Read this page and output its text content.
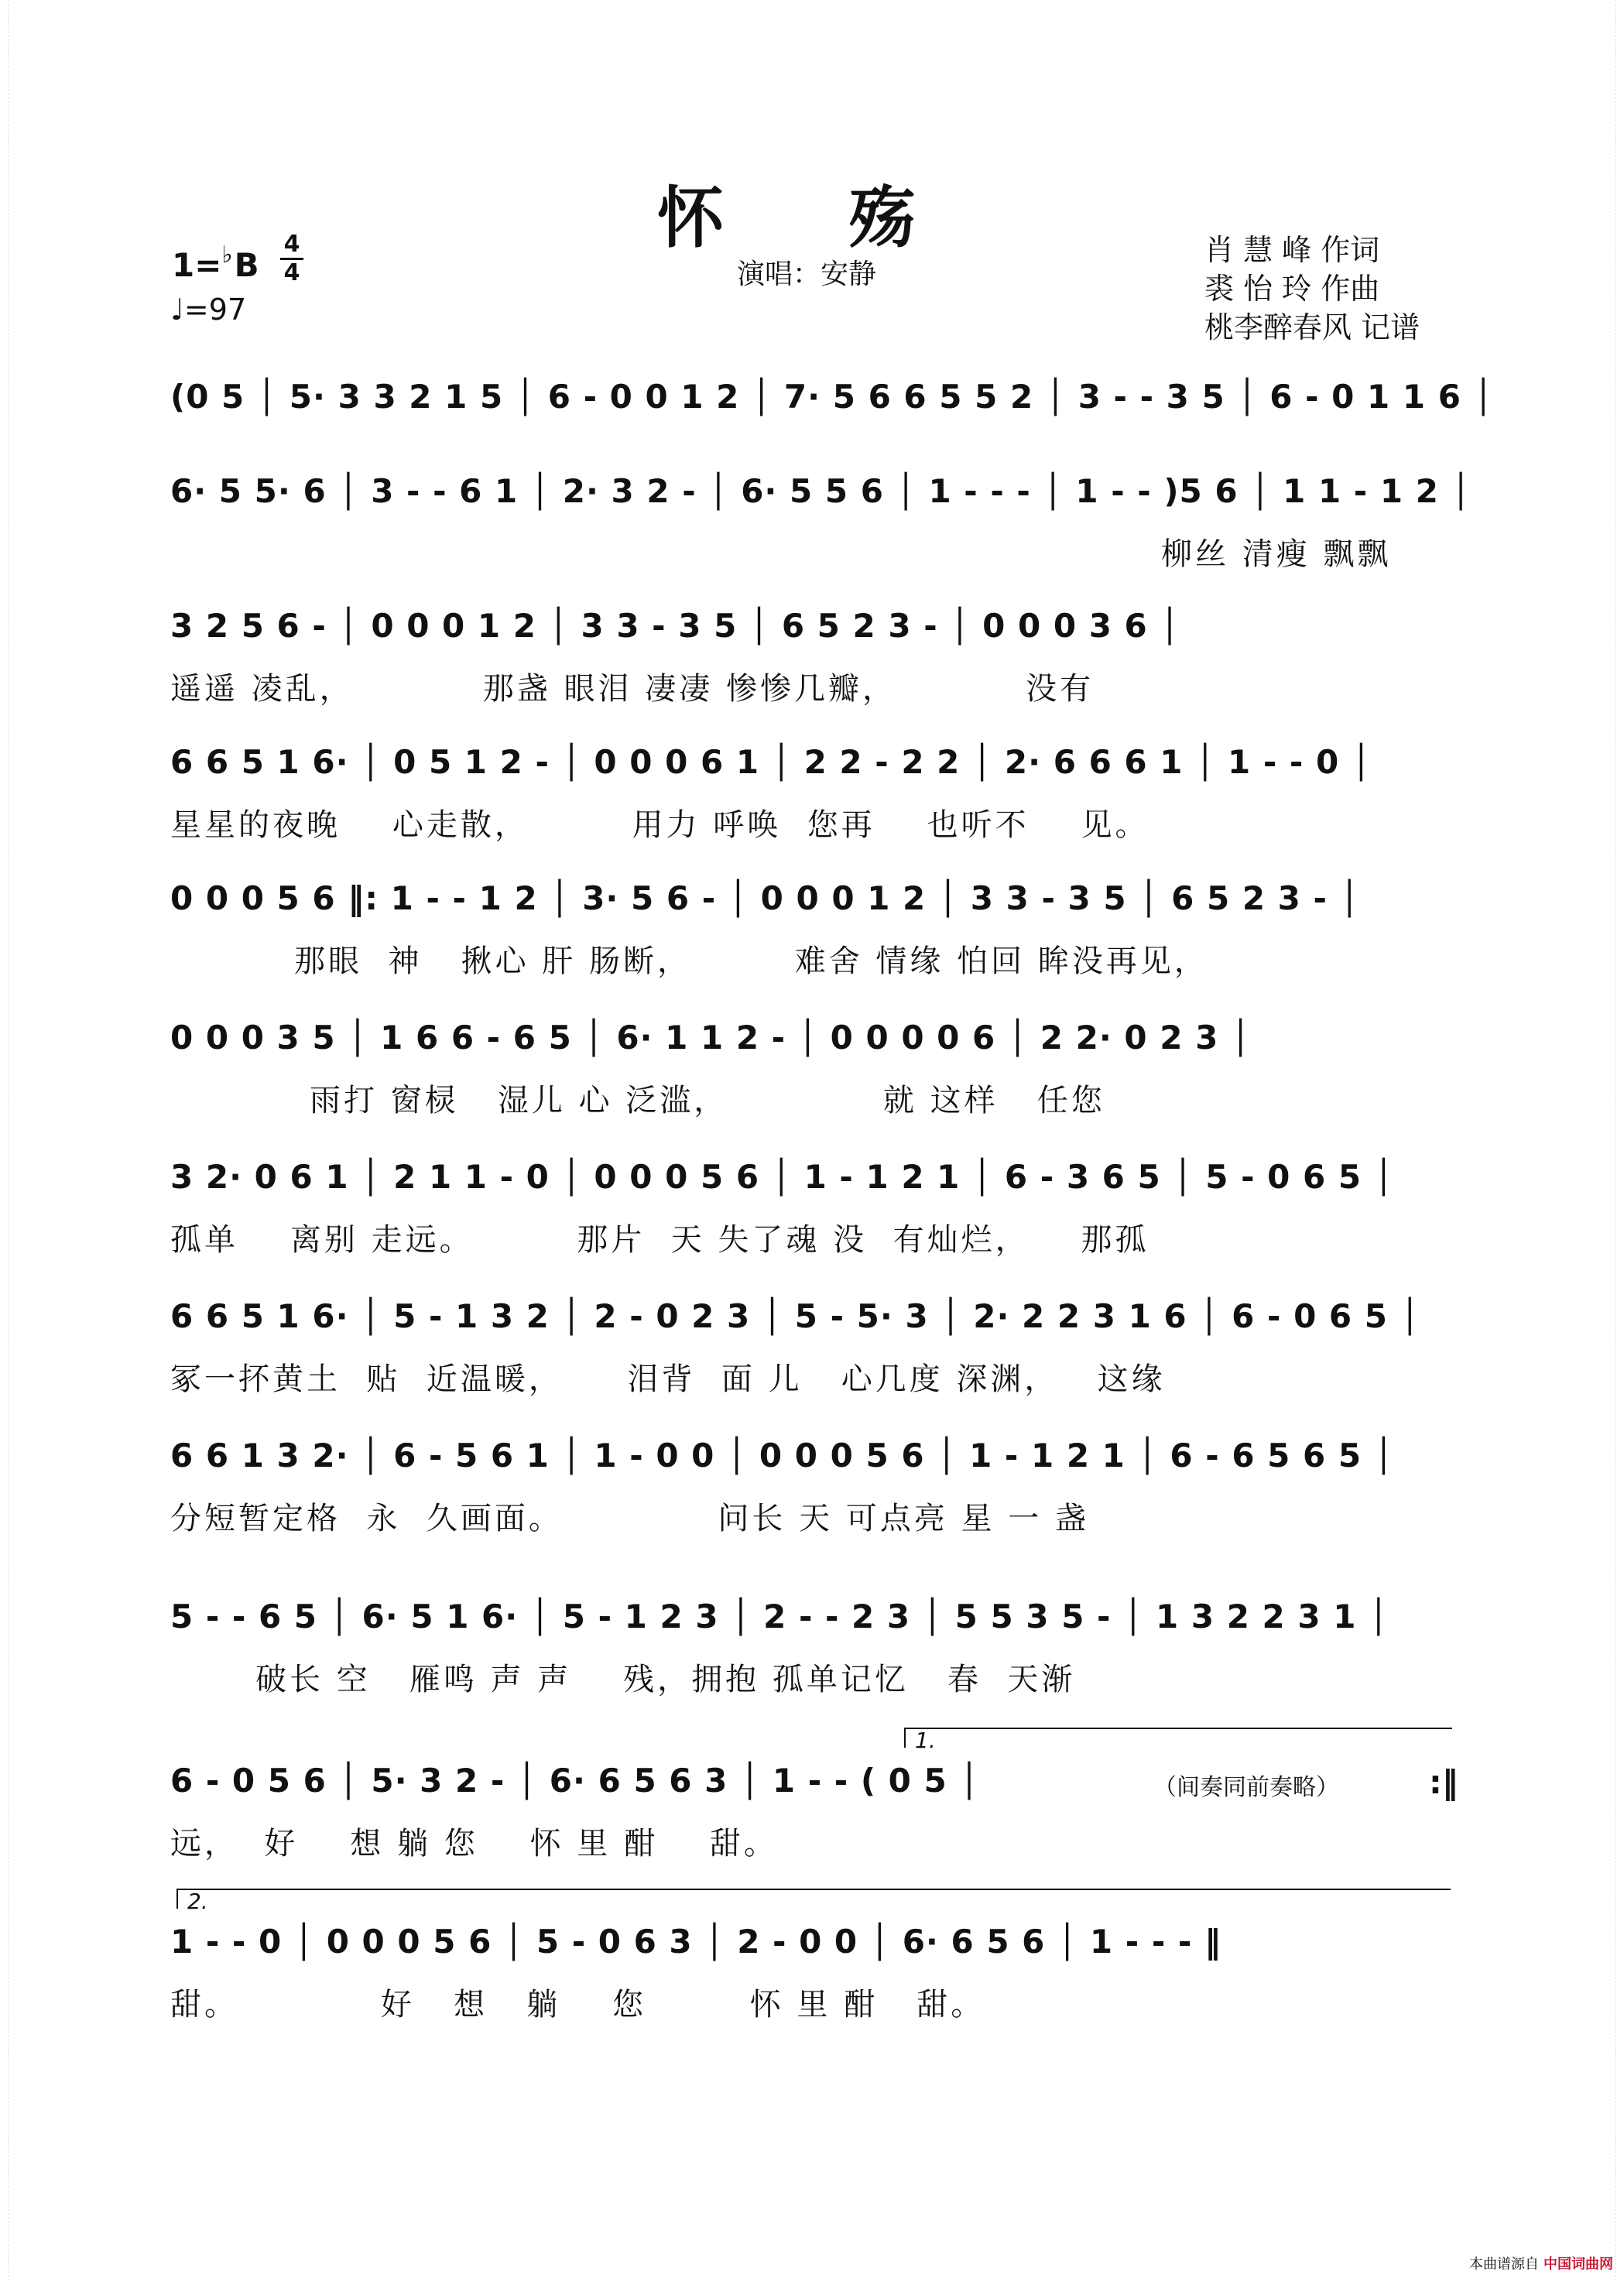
怀 殇
1=♭B
4
4
♩=97
演唱：安静
肖 慧 峰 作词
裘 怡 玲 作曲
桃李醉春风 记谱
(0 5 │ 5· 3 3 2 1 5 │ 6 - 0 0 1 2 │ 7· 5 6 6 5 5 2 │ 3 - - 3 5 │ 6 - 0 1 1 6 │
6· 5 5· 6 │ 3 - - 6 1 │ 2· 3 2 - │ 6· 5 5 6 │ 1 - - - │ 1 - - )5 6 │ 1 1 - 1 2 │
柳丝 清瘦 飘飘
3 2 5 6 - │ 0 0 0 1 2 │ 3 3 - 3 5 │ 6 5 2 3 - │ 0 0 0 3 6 │
遥遥 凌乱，          那盏 眼泪 凄凄 惨惨几瓣，          没有
6 6 5 1 6· │ 0 5 1 2 - │ 0 0 0 6 1 │ 2 2 - 2 2 │ 2· 6 6 6 1 │ 1 - - 0 │
星星的夜晚    心走散，        用力 呼唤  您再    也听不    见。
0 0 0 5 6 ‖: 1 - - 1 2 │ 3· 5 6 - │ 0 0 0 1 2 │ 3 3 - 3 5 │ 6 5 2 3 - │
那眼  神   揪心 肝 肠断，        难舍 情缘 怕回 眸没再见，
0 0 0 3 5 │ 1 6 6 - 6 5 │ 6· 1 1 2 - │ 0 0 0 0 6 │ 2 2· 0 2 3 │
雨打 窗棂   湿儿 心 泛滥，            就 这样   任您
3 2· 0 6 1 │ 2 1 1 - 0 │ 0 0 0 5 6 │ 1 - 1 2 1 │ 6 - 3 6 5 │ 5 - 0 6 5 │
孤单    离别 走远。        那片  天 失了魂 没  有灿烂，    那孤
6 6 5 1 6· │ 5 - 1 3 2 │ 2 - 0 2 3 │ 5 - 5· 3 │ 2· 2 2 3 1 6 │ 6 - 0 6 5 │
冢一抔黄土  贴  近温暖，     泪背  面 儿   心几度 深渊，   这缘
6 6 1 3 2· │ 6 - 5 6 1 │ 1 - 0 0 │ 0 0 0 5 6 │ 1 - 1 2 1 │ 6 - 6 5 6 5 │
分短暂定格  永  久画面。            问长 天 可点亮 星 一 盏
5 - - 6 5 │ 6· 5 1 6· │ 5 - 1 2 3 │ 2 - - 2 3 │ 5 5 3 5 - │ 1 3 2 2 3 1 │
破长 空   雁鸣 声 声    残，拥抱 孤单记忆   春  天渐
1.
6 - 0 5 6 │ 5· 3 2 - │ 6· 6 5 6 3 │ 1 - - ( 0 5 │
远，  好    想 躺 您    怀 里 酣    甜。
（间奏同前奏略）	:‖
2.
1 - - 0 │ 0 0 0 5 6 │ 5 - 0 6 3 │ 2 - 0 0 │ 6· 6 5 6 │ 1 - - - ‖
甜。           好   想   躺    您        怀 里 酣   甜。
本曲谱源自 中国词曲网
